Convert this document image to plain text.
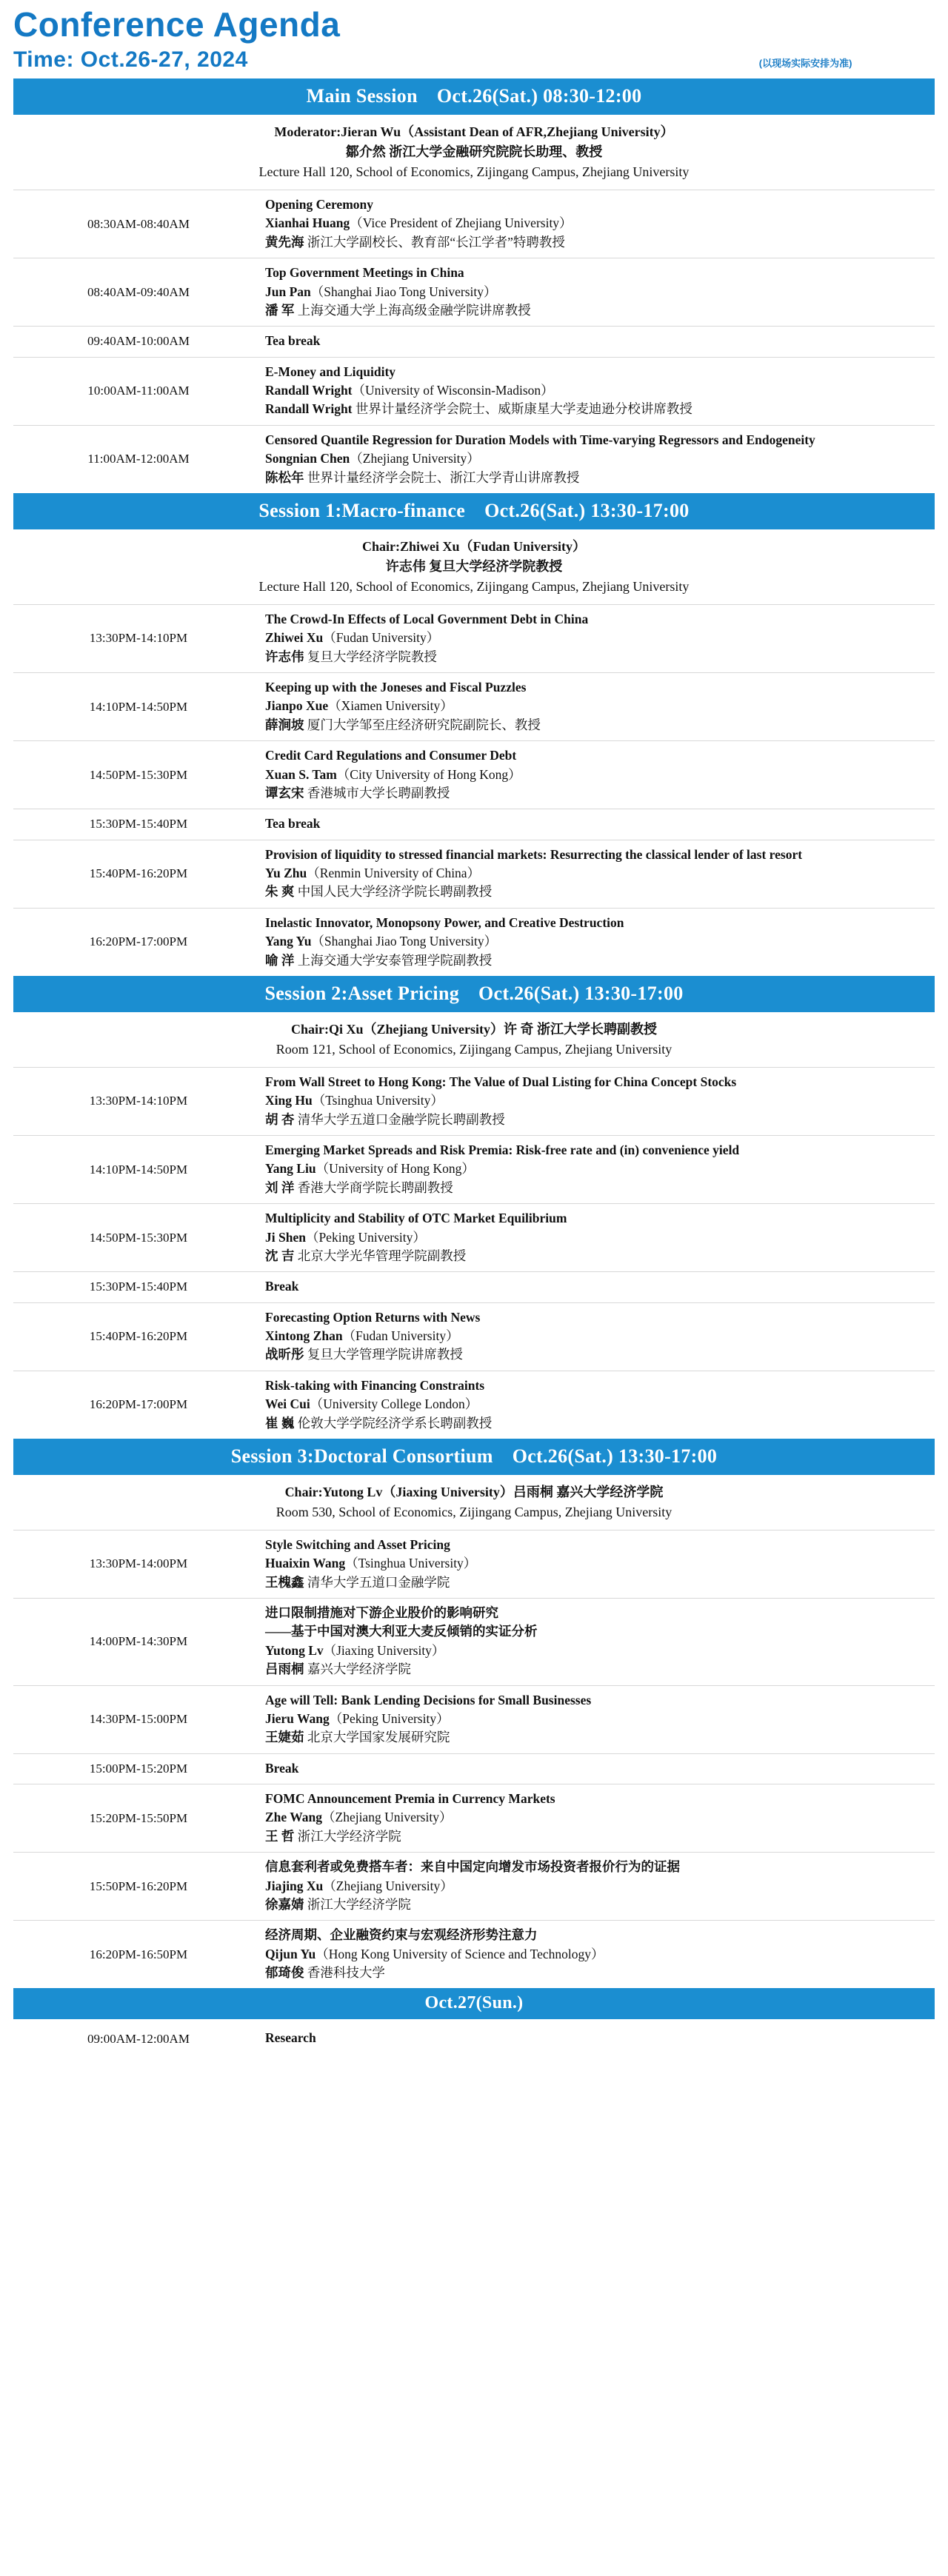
Conference Agenda
Time: Oct.26-27, 2024	(以现场实际安排为准)
Main Session Oct.26(Sat.) 08:30-12:00
Moderator:Jieran Wu（Assistant Dean of AFR,Zhejiang University）
鄒介然 浙江大学金融研究院院长助理、教授
Lecture Hall 120, School of Economics, Zijingang Campus, Zhejiang University
08:30AM-08:40AM	Opening Ceremony
Xianhai Huang（Vice President of Zhejiang University）
黄先海 浙江大学副校长、教育部“长江学者”特聘教授

08:40AM-09:40AM	Top Government Meetings in China
Jun Pan（Shanghai Jiao Tong University）
潘 军 上海交通大学上海高级金融学院讲席教授

09:40AM-10:00AM	Tea break

10:00AM-11:00AM	E-Money and Liquidity
Randall Wright（University of Wisconsin-Madison）
Randall Wright 世界计量经济学会院士、威斯康星大学麦迪逊分校讲席教授

11:00AM-12:00AM	Censored Quantile Regression for Duration Models with Time-varying Regressors and Endogeneity
Songnian Chen（Zhejiang University）
陈松年 世界计量经济学会院士、浙江大学青山讲席教授
Session 1:Macro-finance Oct.26(Sat.) 13:30-17:00
Chair:Zhiwei Xu（Fudan University）
许志伟 复旦大学经济学院教授
Lecture Hall 120, School of Economics, Zijingang Campus, Zhejiang University
13:30PM-14:10PM	The Crowd-In Effects of Local Government Debt in China
Zhiwei Xu（Fudan University）
许志伟 复旦大学经济学院教授

14:10PM-14:50PM	Keeping up with the Joneses and Fiscal Puzzles
Jianpo Xue（Xiamen University）
薛涧坡 厦门大学邹至庄经济研究院副院长、教授

14:50PM-15:30PM	Credit Card Regulations and Consumer Debt
Xuan S. Tam（City University of Hong Kong）
谭玄宋 香港城市大学长聘副教授

15:30PM-15:40PM	Tea break

15:40PM-16:20PM	Provision of liquidity to stressed financial markets: Resurrecting the classical lender of last resort
Yu Zhu（Renmin University of China）
朱 爽 中国人民大学经济学院长聘副教授

16:20PM-17:00PM	Inelastic Innovator, Monopsony Power, and Creative Destruction
Yang Yu（Shanghai Jiao Tong University）
喻 洋 上海交通大学安泰管理学院副教授
Session 2:Asset Pricing Oct.26(Sat.) 13:30-17:00
Chair:Qi Xu（Zhejiang University）许 奇 浙江大学长聘副教授
Room 121, School of Economics, Zijingang Campus, Zhejiang University
13:30PM-14:10PM	From Wall Street to Hong Kong: The Value of Dual Listing for China Concept Stocks
Xing Hu（Tsinghua University）
胡 杏 清华大学五道口金融学院长聘副教授

14:10PM-14:50PM	Emerging Market Spreads and Risk Premia: Risk-free rate and (in) convenience yield
Yang Liu（University of Hong Kong）
刘 洋 香港大学商学院长聘副教授

14:50PM-15:30PM	Multiplicity and Stability of OTC Market Equilibrium
Ji Shen（Peking University）
沈 吉 北京大学光华管理学院副教授

15:30PM-15:40PM	Break

15:40PM-16:20PM	Forecasting Option Returns with News
Xintong Zhan（Fudan University）
战昕彤 复旦大学管理学院讲席教授

16:20PM-17:00PM	Risk-taking with Financing Constraints
Wei Cui（University College London）
崔 巍 伦敦大学学院经济学系长聘副教授
Session 3:Doctoral Consortium Oct.26(Sat.) 13:30-17:00
Chair:Yutong Lv（Jiaxing University）吕雨桐 嘉兴大学经济学院
Room 530, School of Economics, Zijingang Campus, Zhejiang University
13:30PM-14:00PM	Style Switching and Asset Pricing
Huaixin Wang（Tsinghua University）
王槐鑫 清华大学五道口金融学院

14:00PM-14:30PM	进口限制措施对下游企业股价的影响研究
——基于中国对澳大利亚大麦反倾销的实证分析
Yutong Lv（Jiaxing University）
吕雨桐 嘉兴大学经济学院

14:30PM-15:00PM	Age will Tell: Bank Lending Decisions for Small Businesses
Jieru Wang（Peking University）
王婕茹 北京大学国家发展研究院

15:00PM-15:20PM	Break

15:20PM-15:50PM	FOMC Announcement Premia in Currency Markets
Zhe Wang（Zhejiang University）
王 哲 浙江大学经济学院

15:50PM-16:20PM	信息套利者或免费搭车者：来自中国定向增发市场投资者报价行为的证据
Jiajing Xu（Zhejiang University）
徐嘉婧 浙江大学经济学院

16:20PM-16:50PM	经济周期、企业融资约束与宏观经济形势注意力
Qijun Yu（Hong Kong University of Science and Technology）
郁琦俊 香港科技大学
Oct.27(Sun.)
09:00AM-12:00AM	Research
